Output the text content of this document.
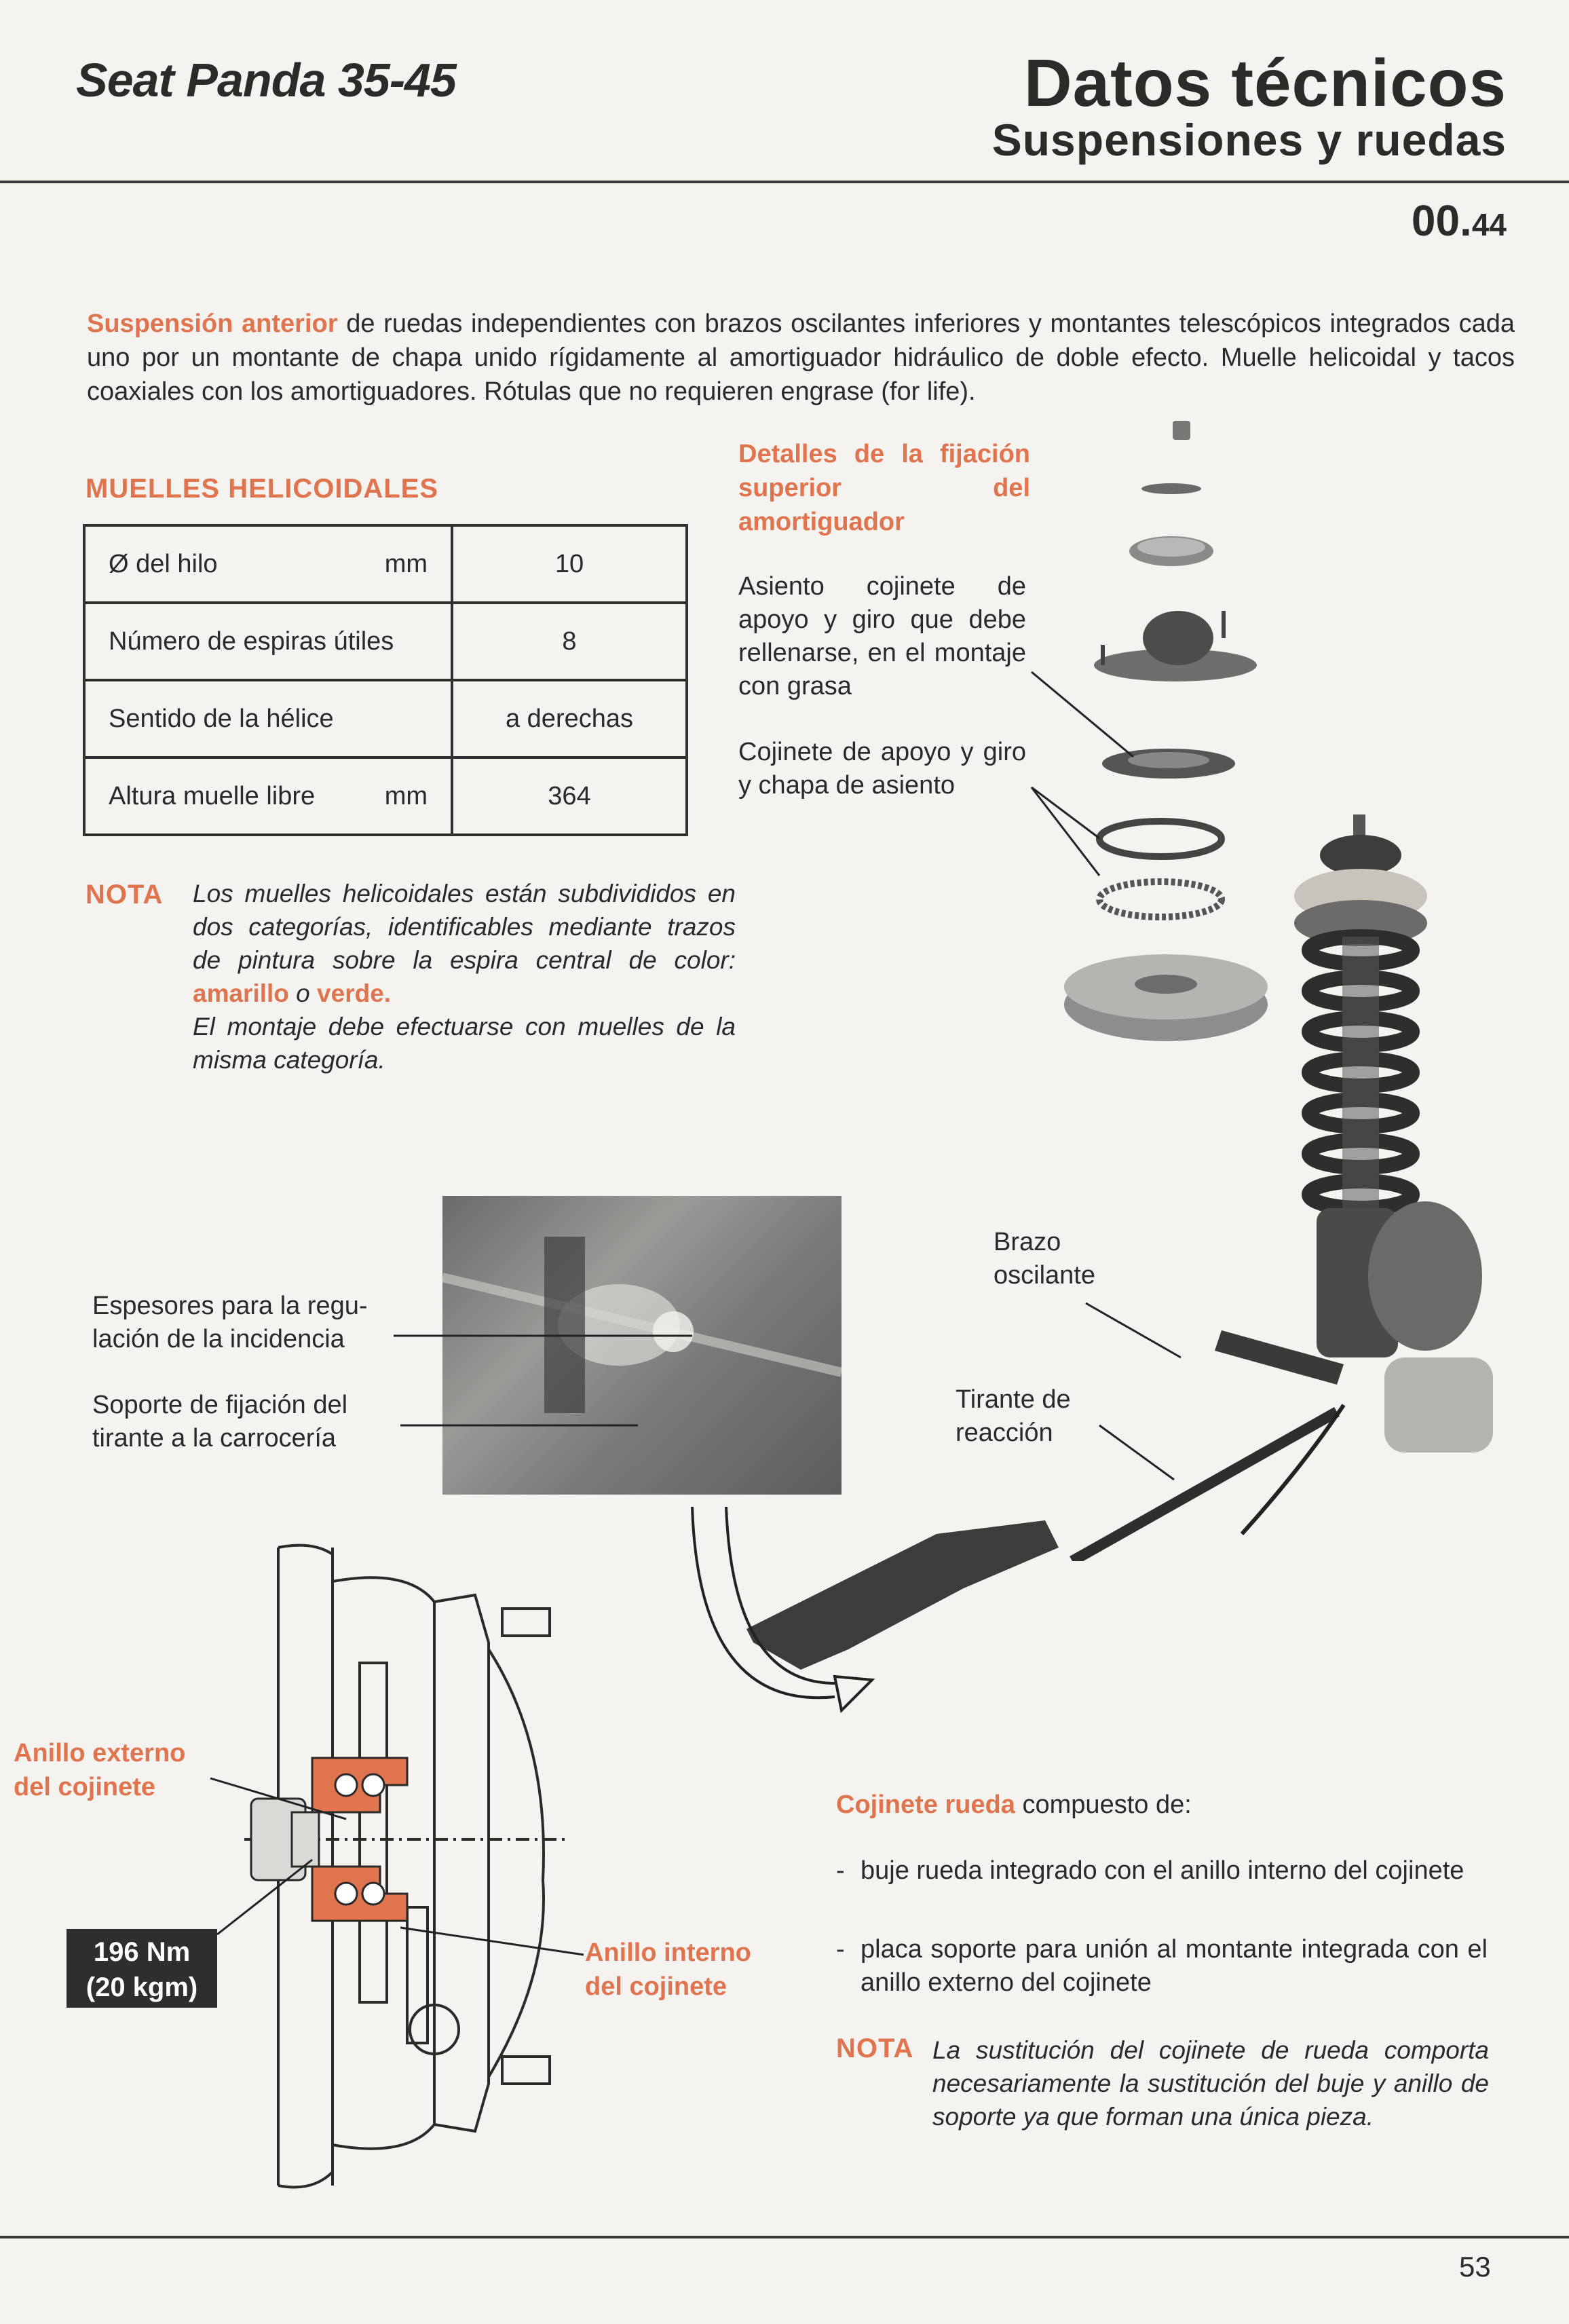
Seat Panda 35-45	Datos técnicos
Suspensiones y ruedas
00.44
Suspensión anterior de ruedas independientes con brazos oscilantes inferiores y montantes telescópicos integrados cada uno por un montante de chapa unido rígidamente al amortiguador hidráulico de doble efecto. Muelle helicoidal y tacos coaxiales con los amortiguadores. Rótulas que no requieren engrase (for life).
MUELLES HELICOIDALES
Ø del hilo mm	10
Número de espiras útiles	8
Sentido de la hélice	a derechas
Altura muelle libre mm	364
NOTA Los muelles helicoidales están subdivididos en dos categorías, identificables mediante trazos de pintura sobre la espira central de color: amarillo o verde.
El montaje debe efectuarse con muelles de la misma categoría.
Detalles de la fijación superior del amortiguador
Asiento cojinete de apoyo y giro que debe rellenarse, en el montaje con grasa
Cojinete de apoyo y giro y chapa de asiento
Brazo
oscilante
Tirante de
reacción
Espesores para la regu-
lación de la incidencia
Soporte de fijación del
tirante a la carrocería
Anillo externo
del cojinete
Anillo interno
del cojinete
196 Nm
(20 kgm)
Cojinete rueda compuesto de:
- buje rueda integrado con el anillo interno del cojinete
- placa soporte para unión al montante integrada con el anillo externo del cojinete
NOTA La sustitución del cojinete de rueda comporta necesariamente la sustitución del buje y anillo de soporte ya que forman una única pieza.
53
